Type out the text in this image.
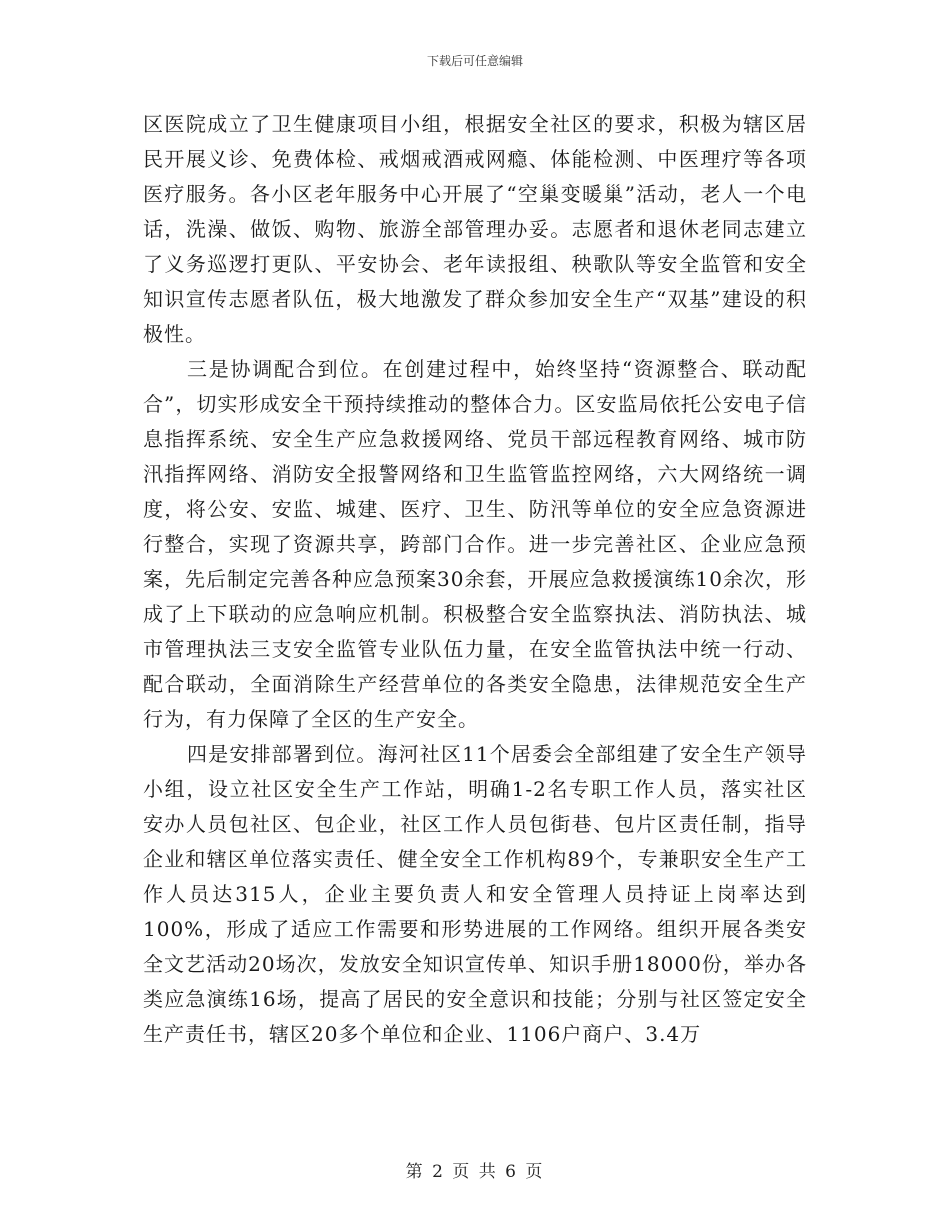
下载后可任意编辑

区医院成立了卫生健康项目小组，根据安全社区的要求，积极为辖区居民开展义诊、免费体检、戒烟戒酒戒网瘾、体能检测、中医理疗等各项医疗服务。各小区老年服务中心开展了“空巢变暖巢”活动，老人一个电话，洗澡、做饭、购物、旅游全部管理办妥。志愿者和退休老同志建立了义务巡逻打更队、平安协会、老年读报组、秧歌队等安全监管和安全知识宣传志愿者队伍，极大地激发了群众参加安全生产“双基”建设的积极性。

三是协调配合到位。在创建过程中，始终坚持“资源整合、联动配合”，切实形成安全干预持续推动的整体合力。区安监局依托公安电子信息指挥系统、安全生产应急救援网络、党员干部远程教育网络、城市防汛指挥网络、消防安全报警网络和卫生监管监控网络，六大网络统一调度，将公安、安监、城建、医疗、卫生、防汛等单位的安全应急资源进行整合，实现了资源共享，跨部门合作。进一步完善社区、企业应急预案，先后制定完善各种应急预案30余套，开展应急救援演练10余次，形成了上下联动的应急响应机制。积极整合安全监察执法、消防执法、城市管理执法三支安全监管专业队伍力量，在安全监管执法中统一行动、配合联动，全面消除生产经营单位的各类安全隐患，法律规范安全生产行为，有力保障了全区的生产安全。

四是安排部署到位。海河社区11个居委会全部组建了安全生产领导小组，设立社区安全生产工作站，明确1-2名专职工作人员，落实社区安办人员包社区、包企业，社区工作人员包街巷、包片区责任制，指导企业和辖区单位落实责任、健全安全工作机构89个，专兼职安全生产工作人员达315人，企业主要负责人和安全管理人员持证上岗率达到100%，形成了适应工作需要和形势进展的工作网络。组织开展各类安全文艺活动20场次，发放安全知识宣传单、知识手册18000份，举办各类应急演练16场，提高了居民的安全意识和技能；分别与社区签定安全生产责任书，辖区20多个单位和企业、1106户商户、3.4万

第 2 页 共 6 页
